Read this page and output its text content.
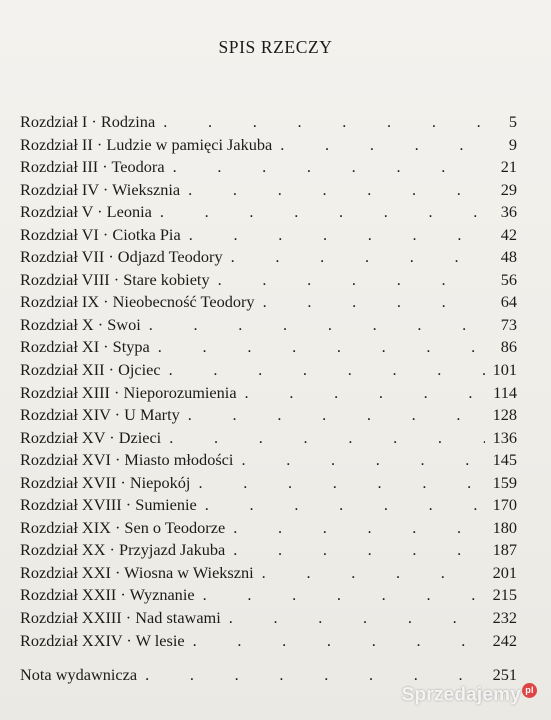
SPIS RZECZY
Rozdział I · Rodzina .	5
Rozdział II · Ludzie w pamięci Jakuba .	9
Rozdział III · Teodora .	21
Rozdział IV · Wieksznia .	29
Rozdział V · Leonia .	36
Rozdział VI · Ciotka Pia .	42
Rozdział VII · Odjazd Teodory .	48
Rozdział VIII · Stare kobiety .	56
Rozdział IX · Nieobecność Teodory .	64
Rozdział X · Swoi .	73
Rozdział XI · Stypa .	86
Rozdział XII · Ojciec .	101
Rozdział XIII · Nieporozumienia .	114
Rozdział XIV · U Marty .	128
Rozdział XV · Dzieci .	136
Rozdział XVI · Miasto młodości .	145
Rozdział XVII · Niepokój .	159
Rozdział XVIII · Sumienie .	170
Rozdział XIX · Sen o Teodorze .	180
Rozdział XX · Przyjazd Jakuba .	187
Rozdział XXI · Wiosna w Wiekszni .	201
Rozdział XXII · Wyznanie .	215
Rozdział XXIII · Nad stawami .	232
Rozdział XXIV · W lesie .	242
Nota wydawnicza .	251
Sprzedajemy pl
